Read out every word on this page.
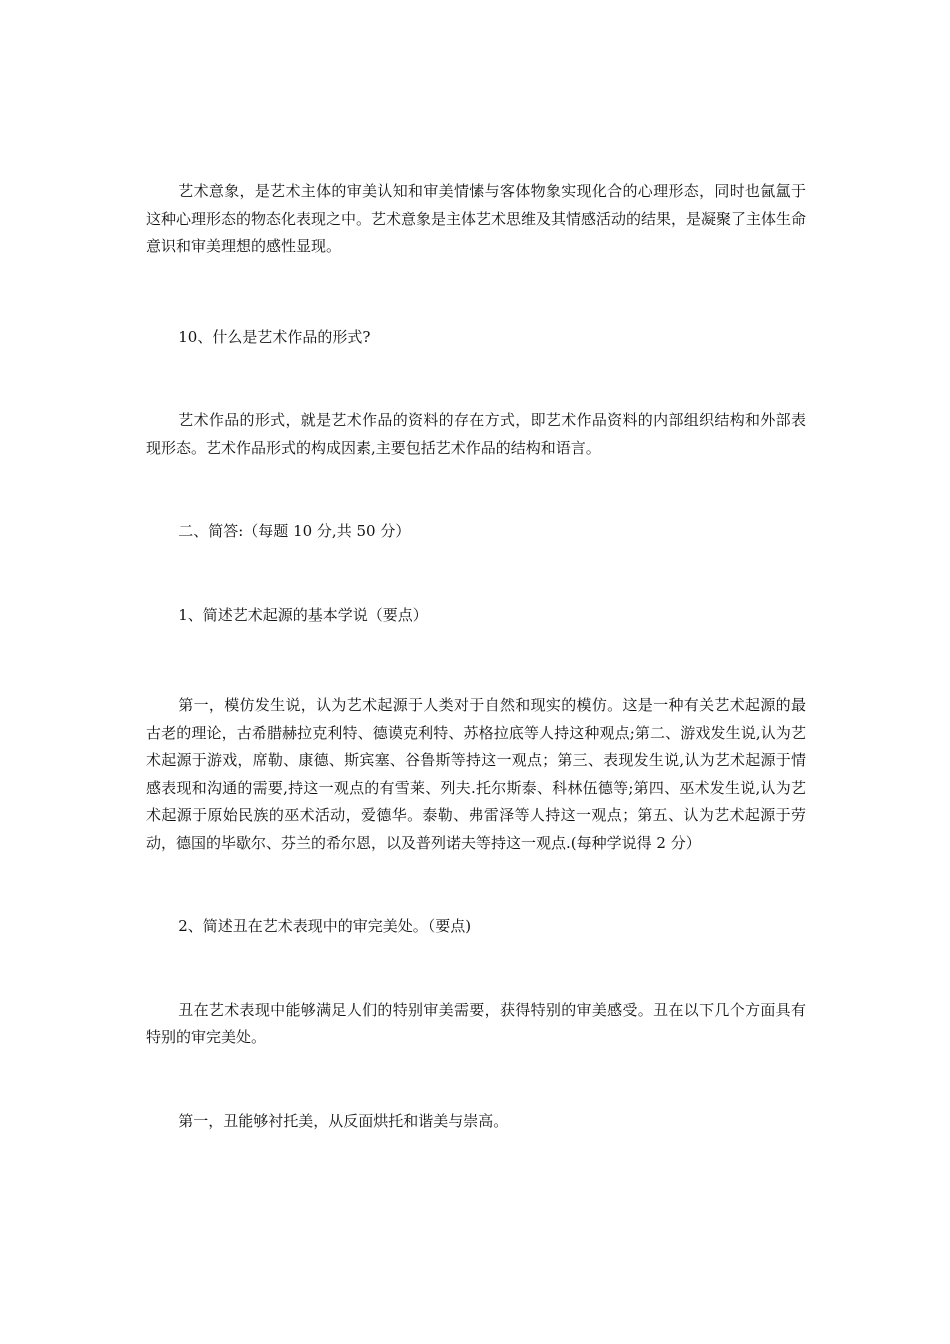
艺术意象，是艺术主体的审美认知和审美情愫与客体物象实现化合的心理形态，同时也氤氲于这种心理形态的物态化表现之中。艺术意象是主体艺术思维及其情感活动的结果，是凝聚了主体生命意识和审美理想的感性显现。

10、什么是艺术作品的形式?

艺术作品的形式，就是艺术作品的资料的存在方式，即艺术作品资料的内部组织结构和外部表现形态。艺术作品形式的构成因素,主要包括艺术作品的结构和语言。

二、简答:（每题 10 分,共 50 分）

1、简述艺术起源的基本学说（要点）

第一，模仿发生说，认为艺术起源于人类对于自然和现实的模仿。这是一种有关艺术起源的最古老的理论，古希腊赫拉克利特、德谟克利特、苏格拉底等人持这种观点;第二、游戏发生说,认为艺术起源于游戏，席勒、康德、斯宾塞、谷鲁斯等持这一观点；第三、表现发生说,认为艺术起源于情感表现和沟通的需要,持这一观点的有雪莱、列夫.托尔斯泰、科林伍德等;第四、巫术发生说,认为艺术起源于原始民族的巫术活动，爱德华。泰勒、弗雷泽等人持这一观点；第五、认为艺术起源于劳动，德国的毕歇尔、芬兰的希尔恩，以及普列诺夫等持这一观点.(每种学说得 2 分）

2、简述丑在艺术表现中的审完美处。（要点)

丑在艺术表现中能够满足人们的特别审美需要，获得特别的审美感受。丑在以下几个方面具有特别的审完美处。

第一，丑能够衬托美，从反面烘托和谐美与崇高。
